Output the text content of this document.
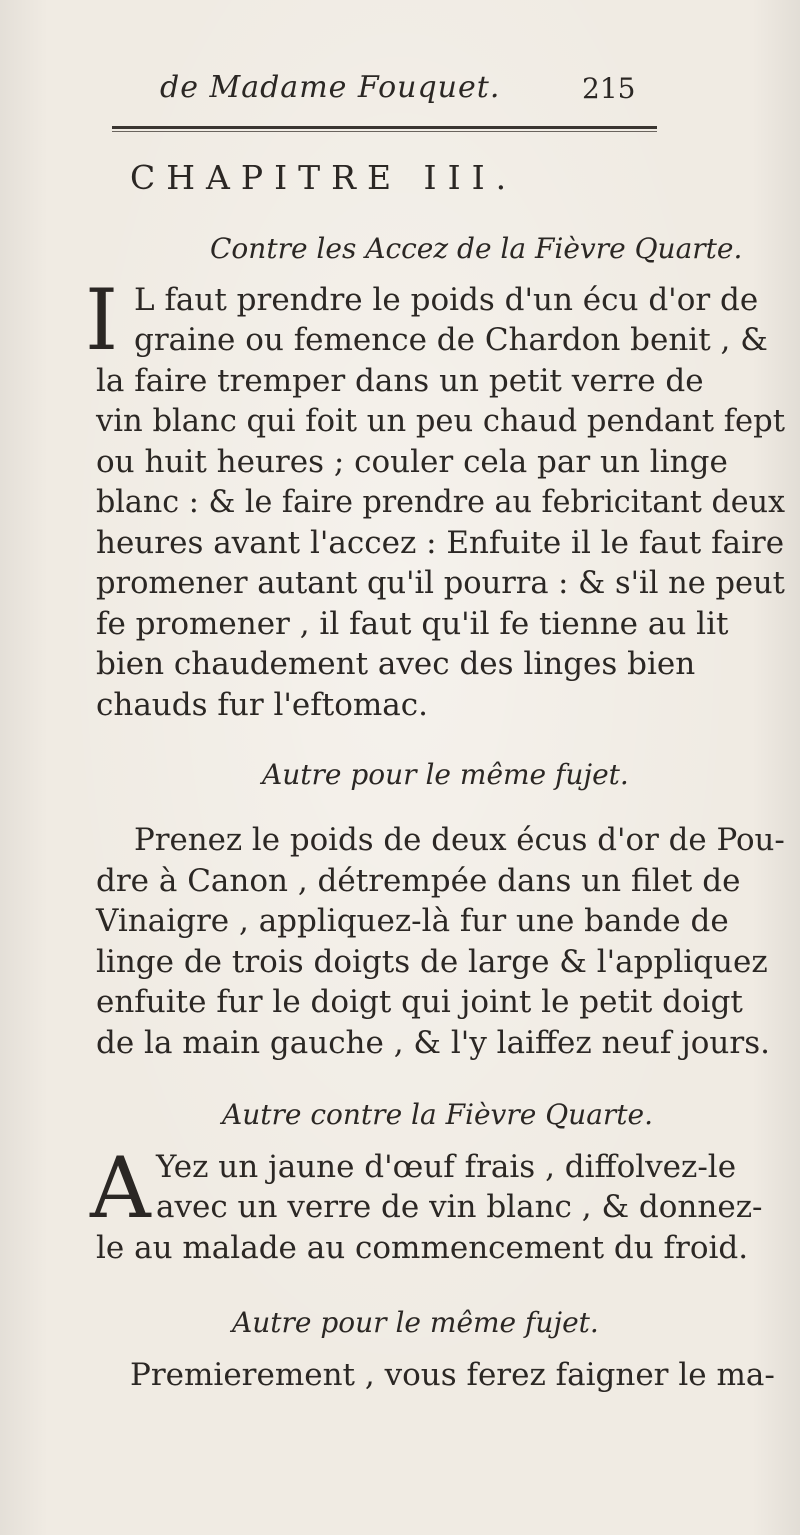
de Madame Fouquet.	215
CHAPITRE III.
Contre les Accez de la Fièvre Quarte.
I L faut prendre le poids d'un écu d'or de
graine ou femence de Chardon benit , &
la faire tremper dans un petit verre de
vin blanc qui foit un peu chaud pendant fept
ou huit heures ; couler cela par un linge
blanc : & le faire prendre au febricitant deux
heures avant l'accez : Enfuite il le faut faire
promener autant qu'il pourra : & s'il ne peut
fe promener , il faut qu'il fe tienne au lit
bien chaudement avec des linges bien
chauds fur l'eftomac.
Autre pour le même fujet.
Prenez le poids de deux écus d'or de Pou-
dre à Canon , détrempée dans un filet de
Vinaigre , appliquez-là fur une bande de
linge de trois doigts de large & l'appliquez
enfuite fur le doigt qui joint le petit doigt
de la main gauche , & l'y laiffez neuf jours.
Autre contre la Fièvre Quarte.
A Yez un jaune d'œuf frais , diffolvez-le
avec un verre de vin blanc , & donnez-
le au malade au commencement du froid.
Autre pour le même fujet.
Premierement , vous ferez faigner le ma-
